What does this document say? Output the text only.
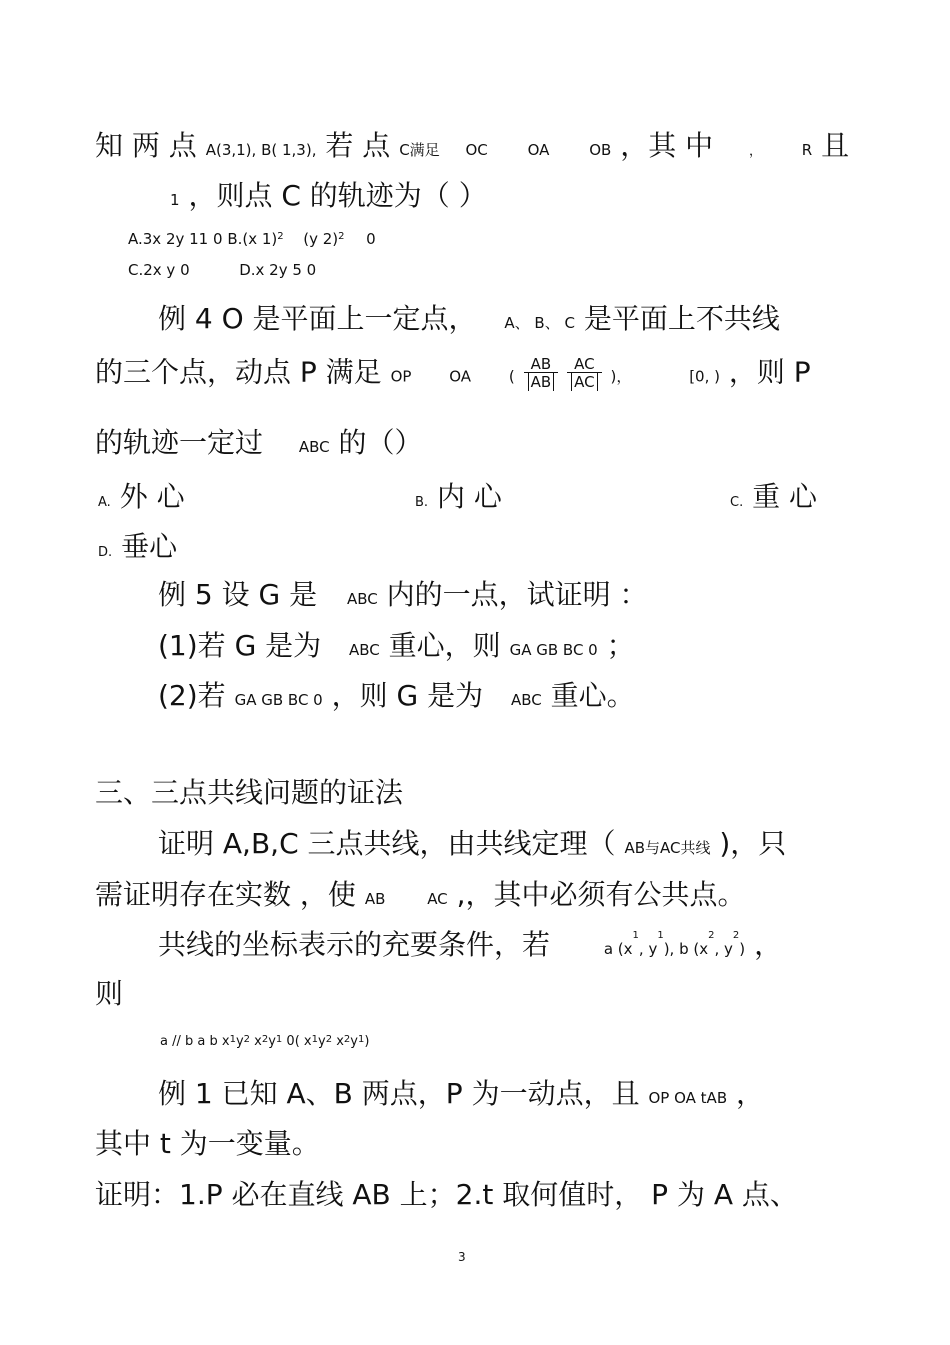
知 两 点 A(3,1), B( 1,3), 若 点 C满足 OC	OA	OB ，其 中	，	R 且
1 ，则点 C 的轨迹为（ ）
A.3x 2y 11 0 B.(x 1)$^2$ (y 2)$^2$ 0
C.2x y 0	D.x 2y 5 0
例 4 O 是平面上一定点， A、 B、 C 是平面上不共线
的三个点，动点 P 满足 OP	OA	( $\frac{AB}{AB}$
$\frac{AC}{AC}$ )，	[0, ) ，则 P
的轨迹一定过 ABC 的（）
A. 外 心	B. 内 心	C. 重 心
D. 垂心
例 5 设 G 是 ABC 内的一点，试证明 ：
(1)若 G 是为 ABC 重心，则 GA GB BC 0 ；
(2)若 GA GB BC 0 ，则 G 是为 ABC 重心。
三、三点共线问题的证法
证明 A,B,C 三点共线，由共线定理（ AB与AC共线 )，只
需证明存在实数 ，使 AB	AC ,，其中必须有公共点。
共线的坐标表示的充要条件，若	a ($x^1$, $y^1$), b ($x^2$, $y^2$) ，
则
a // b a b $x^1y^2$ $x^2y^1$ 0( $x^1y^2$ $x^2y^1$)
例 1 已知 A、B 两点，P 为一动点，且 OP OA tAB ，
其中 t 为一变量。
证明：1.P 必在直线 AB 上；2.t 取何值时， P 为 A 点、
3
